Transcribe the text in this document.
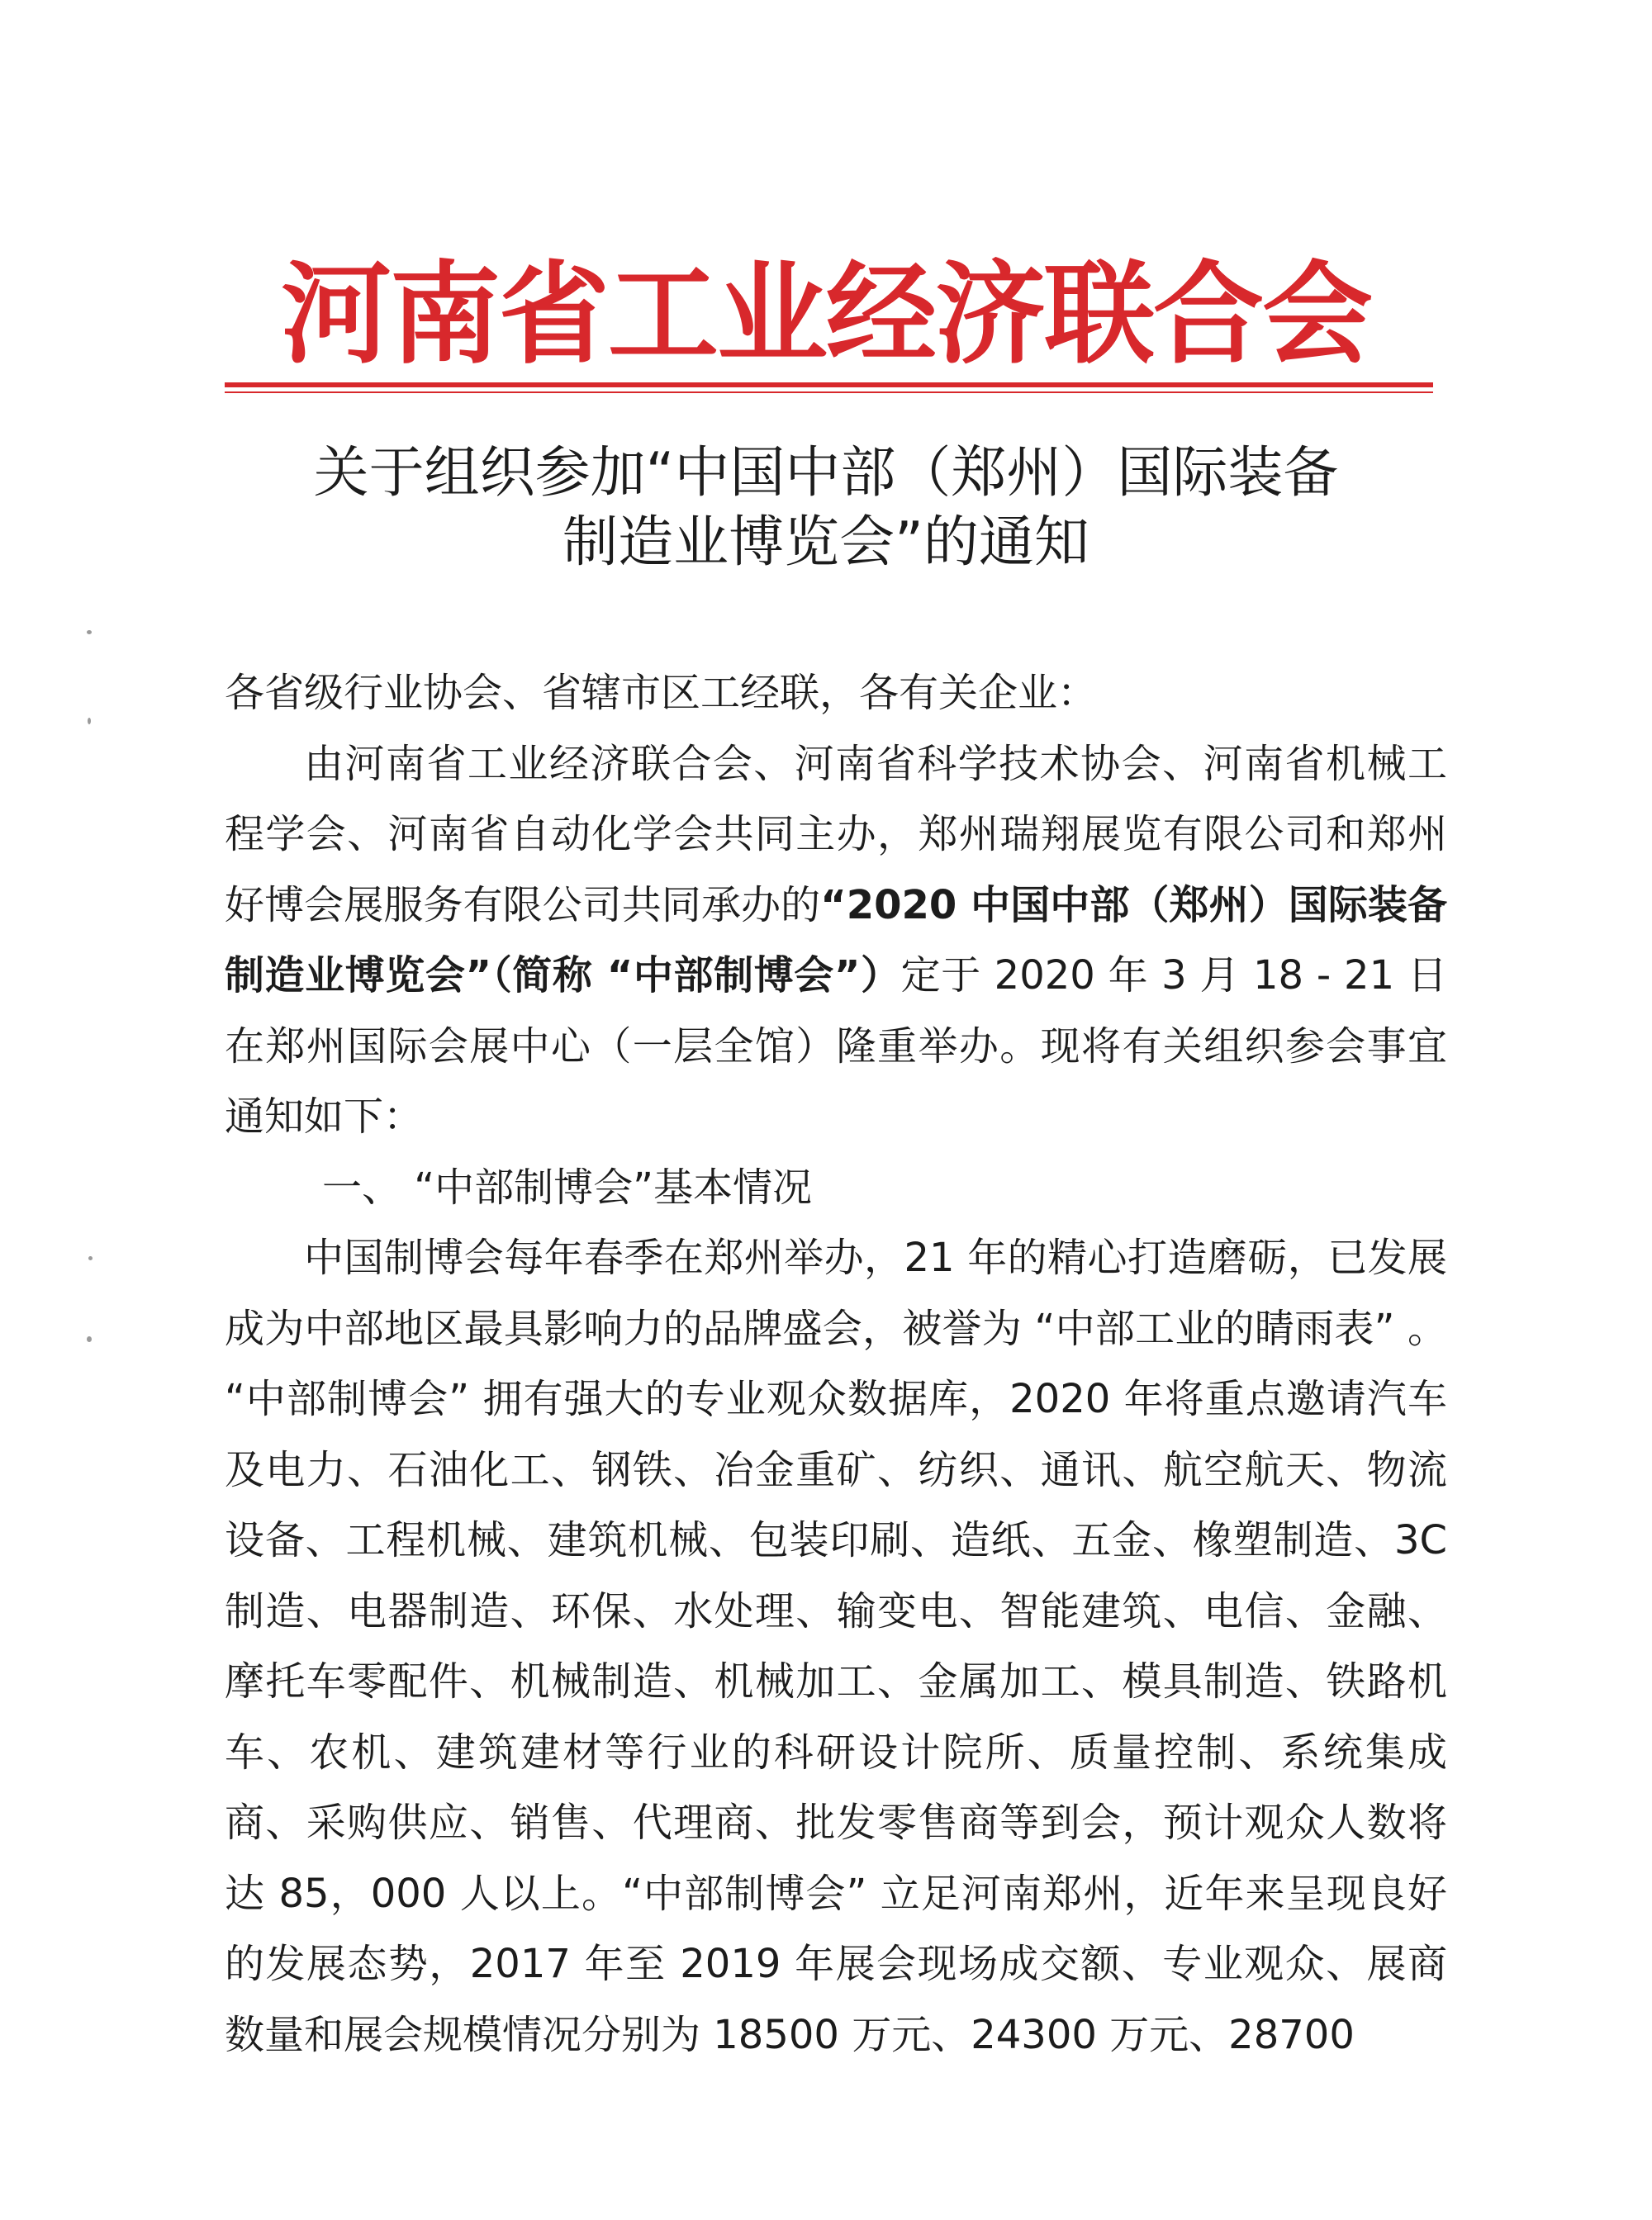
河南省工业经济联合会
关于组织参加“中国中部（郑州）国际装备
制造业博览会”的通知

各省级行业协会、省辖市区工经联，各有关企业：

由河南省工业经济联合会、河南省科学技术协会、河南省机械工程学会、河南省自动化学会共同主办，郑州瑞翔展览有限公司和郑州好博会展服务有限公司共同承办的“2020 中国中部（郑州）国际装备制造业博览会”（简称 “中部制博会”）定于 2020 年 3 月 18 - 21 日在郑州国际会展中心（一层全馆）隆重举办。现将有关组织参会事宜通知如下：

一、 “中部制博会”基本情况

中国制博会每年春季在郑州举办，21 年的精心打造磨砺，已发展成为中部地区最具影响力的品牌盛会，被誉为 “中部工业的睛雨表” 。 “中部制博会” 拥有强大的专业观众数据库，2020 年将重点邀请汽车及电力、石油化工、钢铁、冶金重矿、纺织、通讯、航空航天、物流设备、工程机械、建筑机械、包装印刷、造纸、五金、橡塑制造、3C 制造、电器制造、环保、水处理、输变电、智能建筑、电信、金融、摩托车零配件、机械制造、机械加工、金属加工、模具制造、铁路机车、农机、建筑建材等行业的科研设计院所、质量控制、系统集成商、采购供应、销售、代理商、批发零售商等到会，预计观众人数将达 85，000 人以上。“中部制博会” 立足河南郑州，近年来呈现良好的发展态势，2017 年至 2019 年展会现场成交额、专业观众、展商数量和展会规模情况分别为 18500 万元、24300 万元、28700
